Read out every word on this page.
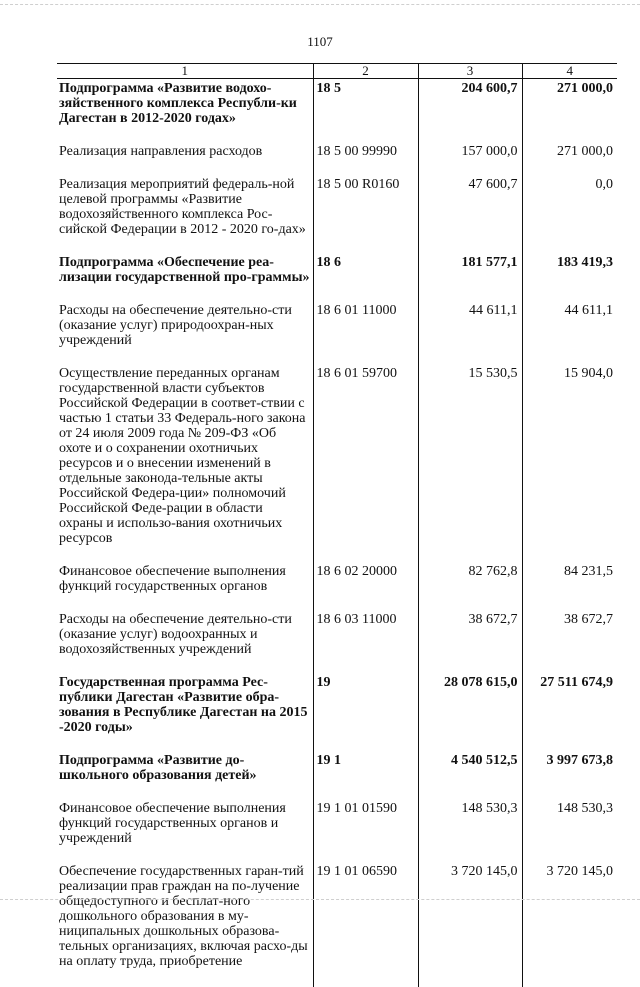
1107
1	2	3	4
Подпрограмма «Развитие водохо-зяйственного комплекса Республи-ки Дагестан в 2012-2020 годах»	18 5	204 600,7	271 000,0
Реализация направления расходов	18 5 00 99990	157 000,0	271 000,0
Реализация мероприятий федераль-ной целевой программы «Развитие водохозяйственного комплекса Рос-сийской Федерации в 2012 - 2020 го-дах»	18 5 00 R0160	47 600,7	0,0
Подпрограмма «Обеспечение реа-лизации государственной про-граммы»	18 6	181 577,1	183 419,3
Расходы на обеспечение деятельно-сти (оказание услуг) природоохран-ных учреждений	18 6 01 11000	44 611,1	44 611,1
Осуществление переданных органам государственной власти субъектов Российской Федерации в соответ-ствии с частью 1 статьи 33 Федераль-ного закона от 24 июля 2009 года № 209-ФЗ «Об охоте и о сохранении охотничьих ресурсов и о внесении изменений в отдельные законода-тельные акты Российской Федера-ции» полномочий Российской Феде-рации в области охраны и использо-вания охотничьих ресурсов	18 6 01 59700	15 530,5	15 904,0
Финансовое обеспечение выполнения функций государственных органов	18 6 02 20000	82 762,8	84 231,5
Расходы на обеспечение деятельно-сти (оказание услуг) водоохранных и водохозяйственных учреждений	18 6 03 11000	38 672,7	38 672,7
Государственная программа Рес-публики Дагестан «Развитие обра-зования в Республике Дагестан на 2015 -2020 годы»	19	28 078 615,0	27 511 674,9
Подпрограмма «Развитие до-школьного образования детей»	19 1	4 540 512,5	3 997 673,8
Финансовое обеспечение выполнения функций государственных органов и учреждений	19 1 01 01590	148 530,3	148 530,3
Обеспечение государственных гаран-тий реализации прав граждан на по-лучение общедоступного и бесплат-ного дошкольного образования в му-ниципальных дошкольных образова-тельных организациях, включая расхо-ды на оплату труда, приобретение	19 1 01 06590	3 720 145,0	3 720 145,0
